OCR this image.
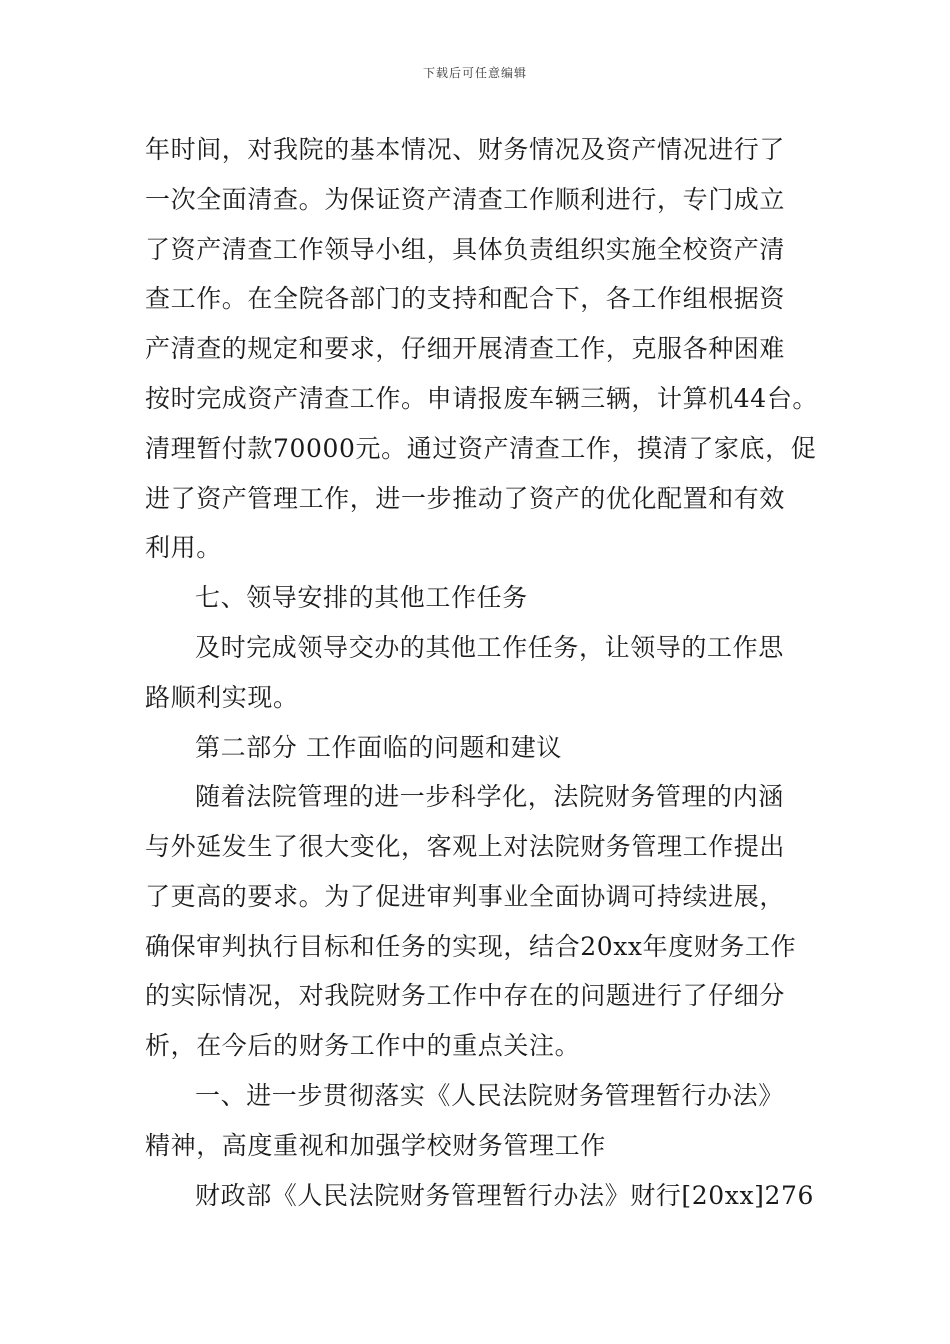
下载后可任意编辑
年时间，对我院的基本情况、财务情况及资产情况进行了
一次全面清查。为保证资产清查工作顺利进行，专门成立
了资产清查工作领导小组，具体负责组织实施全校资产清
查工作。在全院各部门的支持和配合下，各工作组根据资
产清查的规定和要求，仔细开展清查工作，克服各种困难
按时完成资产清查工作。申请报废车辆三辆，计算机44台。
清理暂付款70000元。通过资产清查工作，摸清了家底，促
进了资产管理工作，进一步推动了资产的优化配置和有效
利用。
七、领导安排的其他工作任务
及时完成领导交办的其他工作任务，让领导的工作思
路顺利实现。
第二部分 工作面临的问题和建议
随着法院管理的进一步科学化，法院财务管理的内涵
与外延发生了很大变化，客观上对法院财务管理工作提出
了更高的要求。为了促进审判事业全面协调可持续进展，
确保审判执行目标和任务的实现，结合20xx年度财务工作
的实际情况，对我院财务工作中存在的问题进行了仔细分
析，在今后的财务工作中的重点关注。
一、进一步贯彻落实《人民法院财务管理暂行办法》
精神，高度重视和加强学校财务管理工作
财政部《人民法院财务管理暂行办法》财行[20xx]276
